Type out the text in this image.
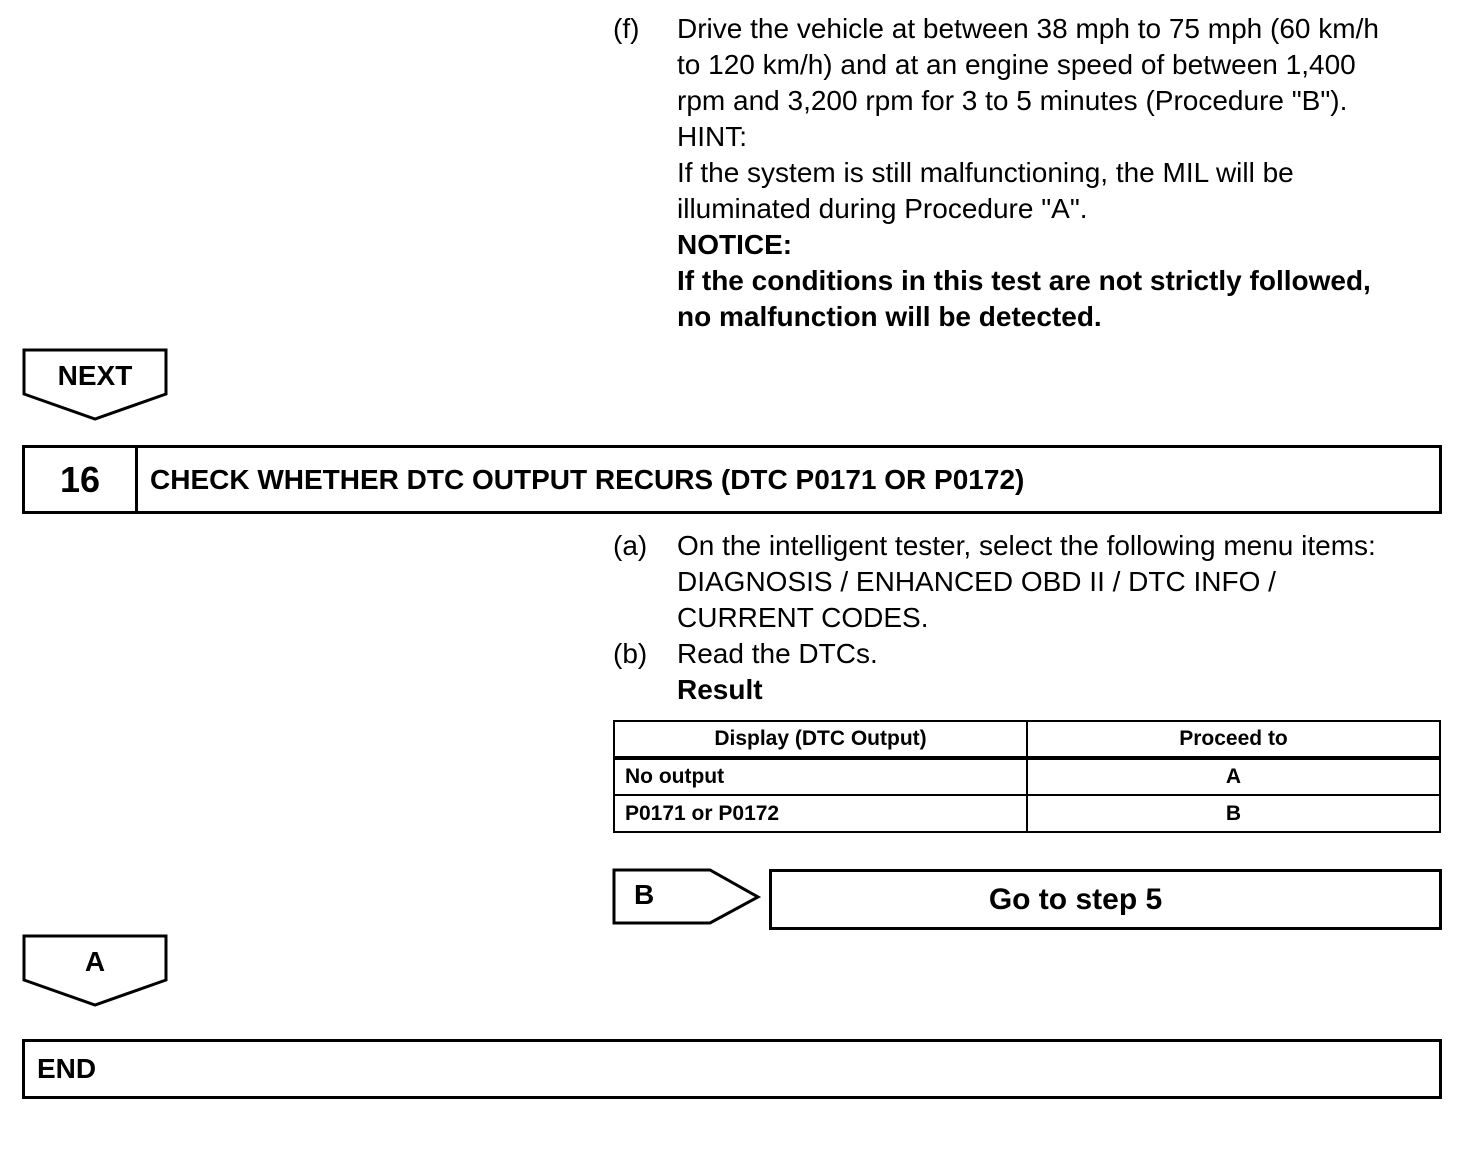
(f) Drive the vehicle at between 38 mph to 75 mph (60 km/h
to 120 km/h) and at an engine speed of between 1,400
rpm and 3,200 rpm for 3 to 5 minutes (Procedure "B").
HINT:
If the system is still malfunctioning, the MIL will be
illuminated during Procedure "A".
NOTICE:
If the conditions in this test are not strictly followed,
no malfunction will be detected.
NEXT
16	CHECK WHETHER DTC OUTPUT RECURS (DTC P0171 OR P0172)
(a) On the intelligent tester, select the following menu items:
DIAGNOSIS / ENHANCED OBD II / DTC INFO /
CURRENT CODES.
(b) Read the DTCs.
Result
Display (DTC Output)	Proceed to
No output	A
P0171 or P0172	B
B	Go to step 5
A
END
